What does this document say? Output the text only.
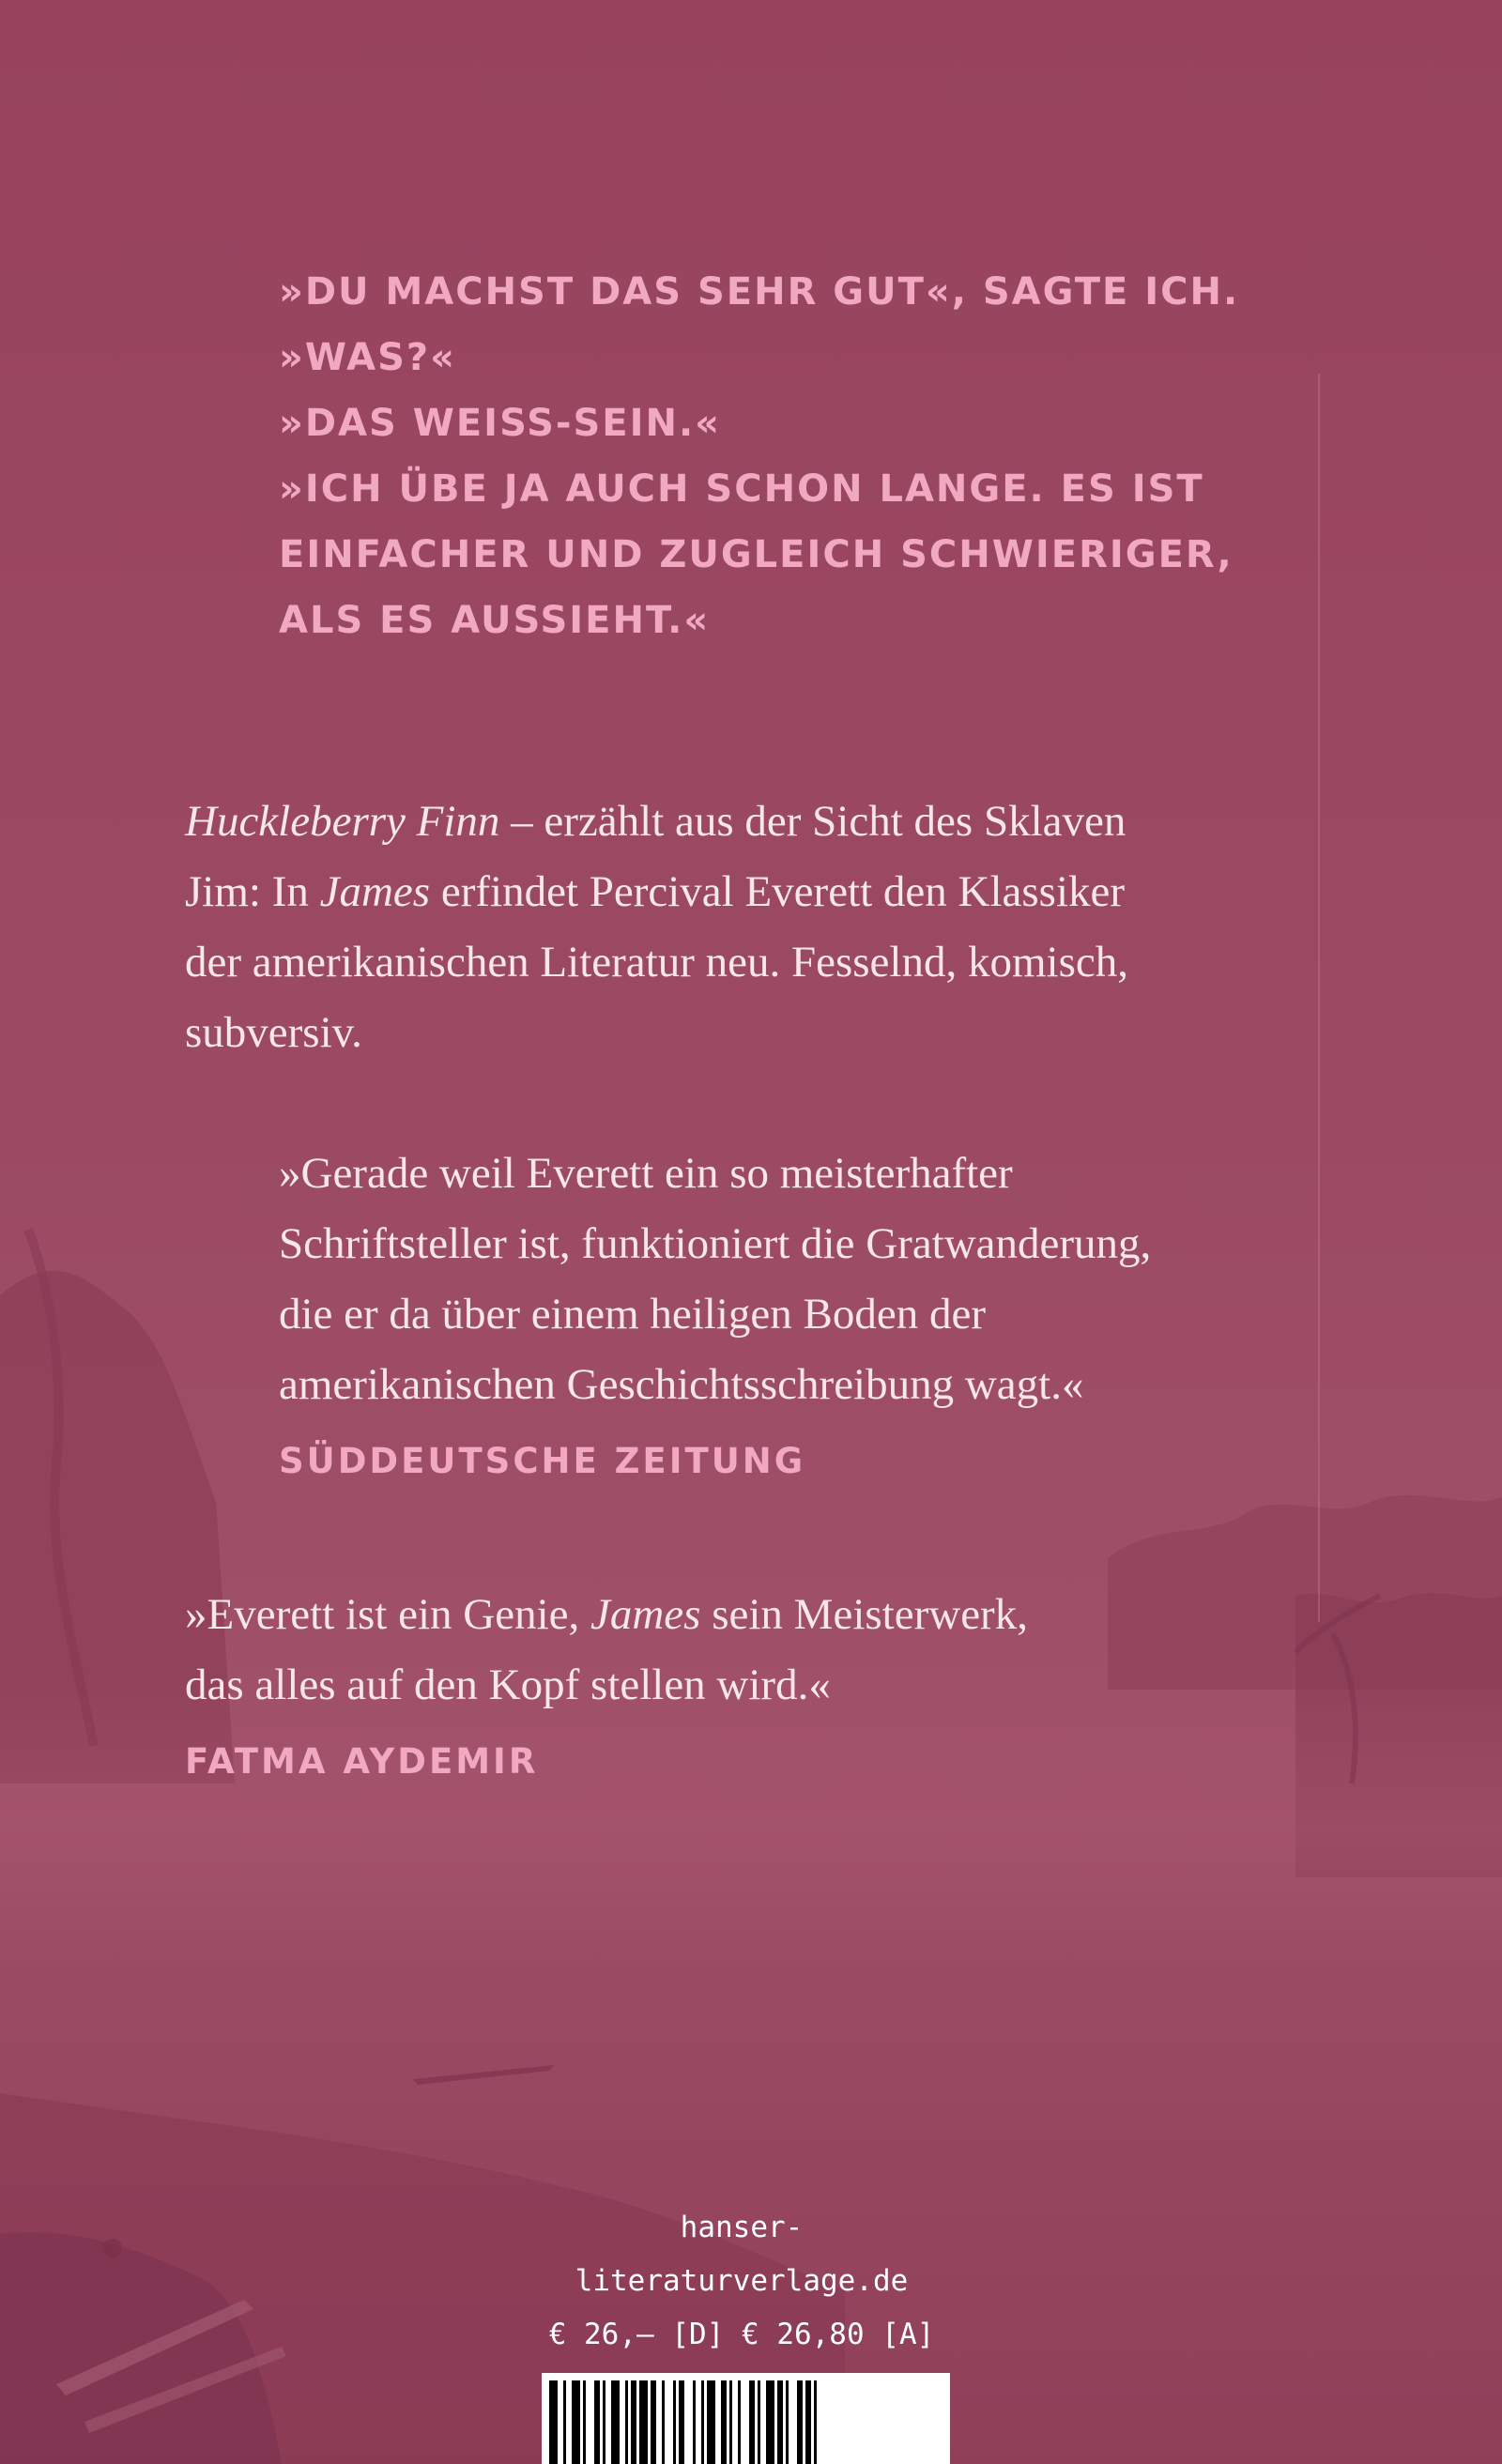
»DU MACHST DAS SEHR GUT«, SAGTE ICH.
»WAS?«
»DAS WEISS-SEIN.«
»ICH ÜBE JA AUCH SCHON LANGE. ES IST
EINFACHER UND ZUGLEICH SCHWIERIGER,
ALS ES AUSSIEHT.«
Huckleberry Finn – erzählt aus der Sicht des Sklaven
Jim: In James erfindet Percival Everett den Klassiker
der amerikanischen Literatur neu. Fesselnd, komisch,
subversiv.
»Gerade weil Everett ein so meisterhafter
Schriftsteller ist, funktioniert die Gratwanderung,
die er da über einem heiligen Boden der
amerikanischen Geschichtsschreibung wagt.«
SÜDDEUTSCHE ZEITUNG
»Everett ist ein Genie, James sein Meisterwerk,
das alles auf den Kopf stellen wird.«
FATMA AYDEMIR
hanser-literaturverlage.de
€ 26,– [D] € 26,80 [A]
